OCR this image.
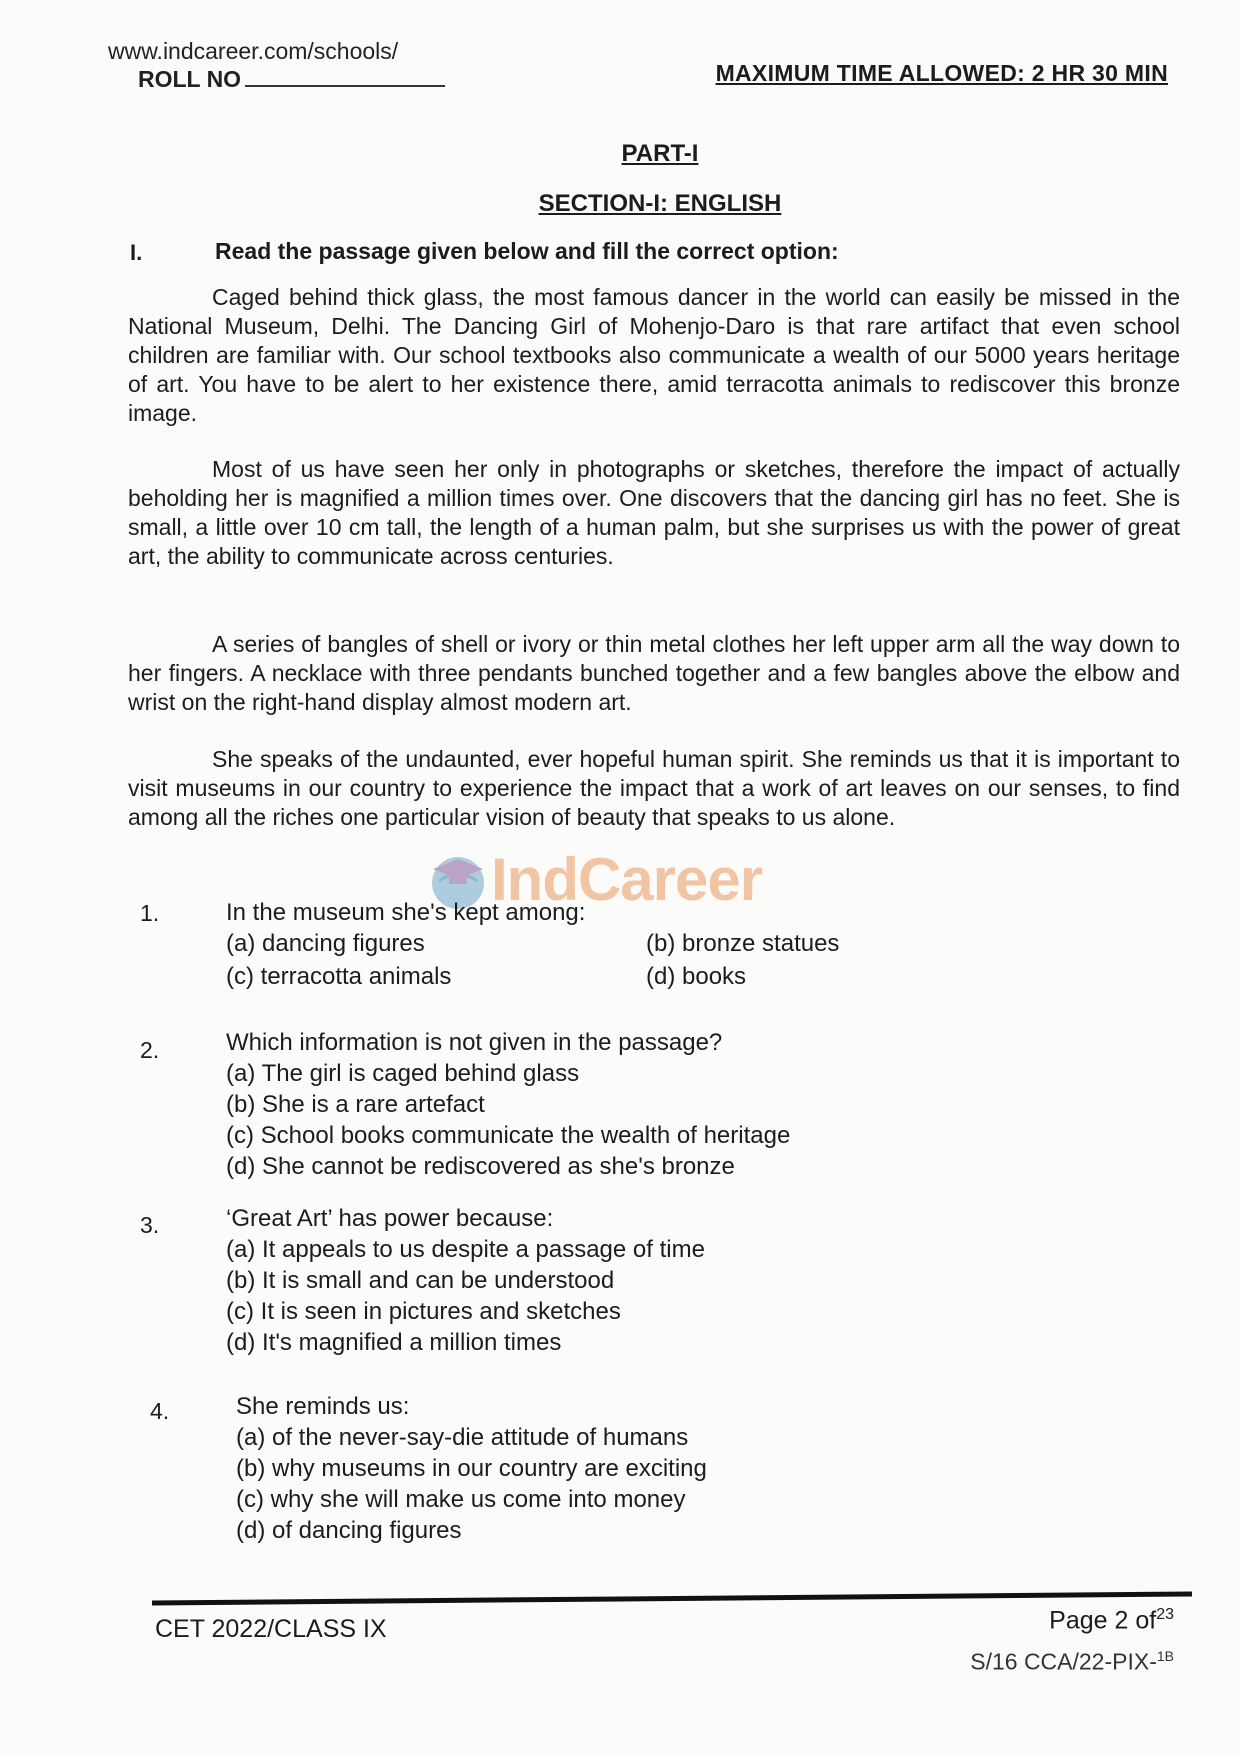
www.indcareer.com/schools/
ROLL NO	MAXIMUM TIME ALLOWED: 2 HR 30 MIN
PART-I
SECTION-I: ENGLISH
I.	Read the passage given below and fill the correct option:

Caged behind thick glass, the most famous dancer in the world can easily be missed in the National Museum, Delhi. The Dancing Girl of Mohenjo-Daro is that rare artifact that even school children are familiar with. Our school textbooks also communicate a wealth of our 5000 years heritage of art. You have to be alert to her existence there, amid terracotta animals to rediscover this bronze image.

Most of us have seen her only in photographs or sketches, therefore the impact of actually beholding her is magnified a million times over. One discovers that the dancing girl has no feet. She is small, a little over 10 cm tall, the length of a human palm, but she surprises us with the power of great art, the ability to communicate across centuries.

A series of bangles of shell or ivory or thin metal clothes her left upper arm all the way down to her fingers. A necklace with three pendants bunched together and a few bangles above the elbow and wrist on the right-hand display almost modern art.

She speaks of the undaunted, ever hopeful human spirit. She reminds us that it is important to visit museums in our country to experience the impact that a work of art leaves on our senses, to find among all the riches one particular vision of beauty that speaks to us alone.

IndCareer
1.	In the museum she's kept among:
(a) dancing figures	(b) bronze statues
(c) terracotta animals	(d) books
2.	Which information is not given in the passage?
(a) The girl is caged behind glass
(b) She is a rare artefact
(c) School books communicate the wealth of heritage
(d) She cannot be rediscovered as she's bronze
3.	‘Great Art’ has power because:
(a) It appeals to us despite a passage of time
(b) It is small and can be understood
(c) It is seen in pictures and sketches
(d) It's magnified a million times
4.	She reminds us:
(a) of the never-say-die attitude of humans
(b) why museums in our country are exciting
(c) why she will make us come into money
(d) of dancing figures
CET 2022/CLASS IX	Page 2 $of^{23}$
S/16 CCA/22-PIX-$^{1B}$
